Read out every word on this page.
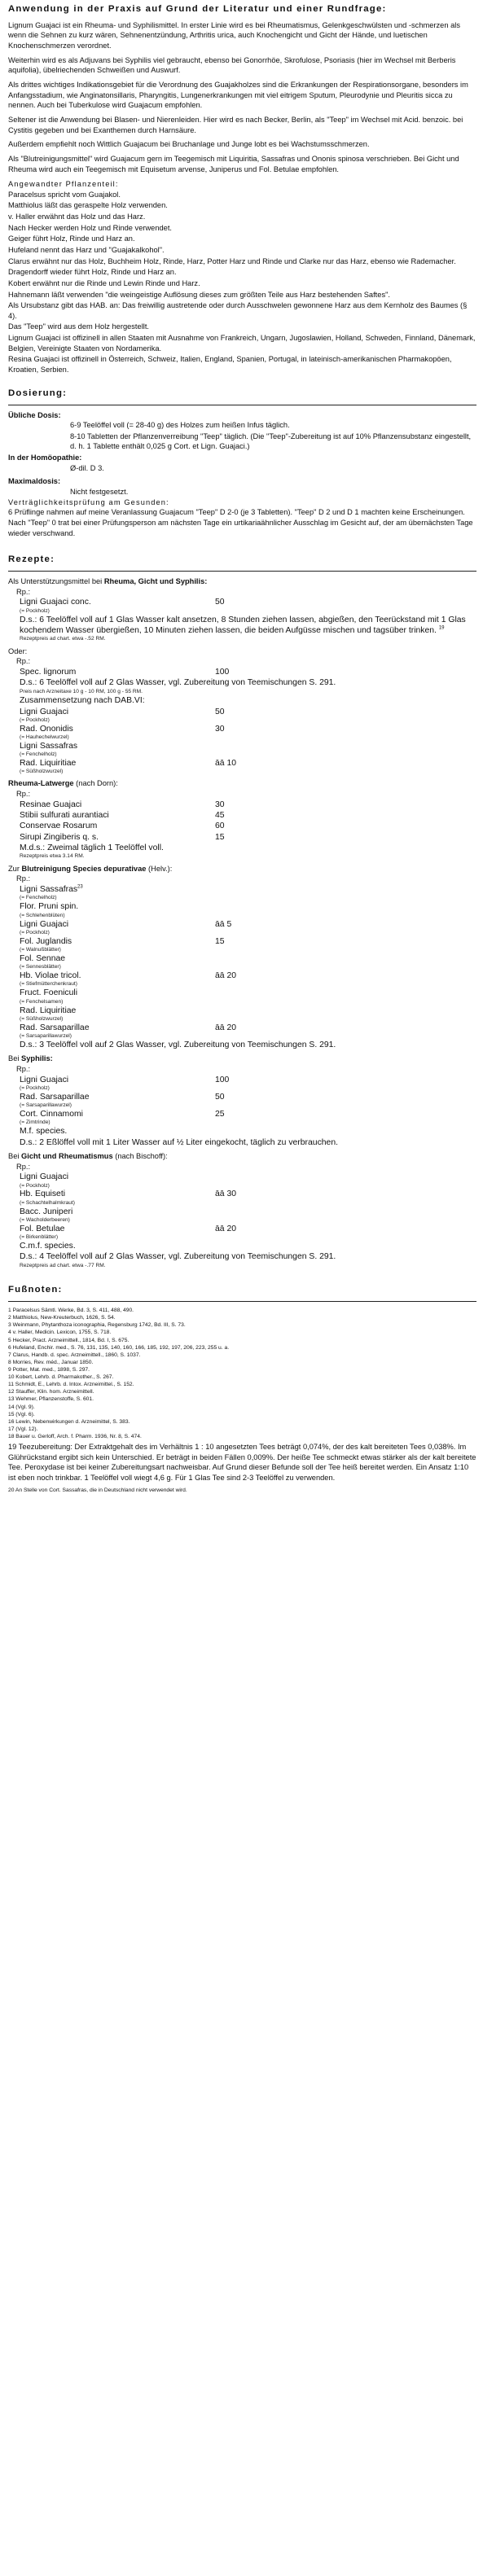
Anwendung in der Praxis auf Grund der Literatur und einer Rundfrage:

Lignum Guajaci ist ein Rheuma- und Syphilismittel. In erster Linie wird es bei Rheumatismus, Gelenkgeschwülsten und -schmerzen als wenn die Sehnen zu kurz wären, Sehnenentzündung, Arthritis urica, auch Knochengicht und Gicht der Hände, und luetischen Knochenschmerzen verordnet.

Weiterhin wird es als Adjuvans bei Syphilis viel gebraucht, ebenso bei Gonorrhöe, Skrofulose, Psoriasis (hier im Wechsel mit Berberis aquifolia), übelriechenden Schweißen und Auswurf.

Als drittes wichtiges Indikationsgebiet für die Verordnung des Guajakholzes sind die Erkrankungen der Respirationsorgane, besonders im Anfangsstadium, wie Anginatonsillaris, Pharyngitis, Lungenerkrankungen mit viel eitrigem Sputum, Pleurodynie und Pleuritis sicca zu nennen. Auch bei Tuberkulose wird Guajacum empfohlen.

Seltener ist die Anwendung bei Blasen- und Nierenleiden. Hier wird es nach Becker, Berlin, als "Teep" im Wechsel mit Acid. benzoic. bei Cystitis gegeben und bei Exanthemen durch Harnsäure.

Außerdem empfiehlt noch Wittlich Guajacum bei Bruchanlage und Junge lobt es bei Wachstumsschmerzen.

Als "Blutreinigungsmittel" wird Guajacum gern im Teegemisch mit Liquiritia, Sassafras und Ononis spinosa verschrieben. Bei Gicht und Rheuma wird auch ein Teegemisch mit Equisetum arvense, Juniperus und Fol. Betulae empfohlen.

Angewandter Pflanzenteil:

Paracelsus spricht vom Guajakol.

Matthiolus läßt das geraspelte Holz verwenden.

v. Haller erwähnt das Holz und das Harz.

Nach Hecker werden Holz und Rinde verwendet.

Geiger führt Holz, Rinde und Harz an.

Hufeland nennt das Harz und "Guajakalkohol".

Clarus erwähnt nur das Holz, Buchheim Holz, Rinde, Harz, Potter Harz und Rinde und Clarke nur das Harz, ebenso wie Rademacher.

Dragendorff wieder führt Holz, Rinde und Harz an.

Kobert erwähnt nur die Rinde und Lewin Rinde und Harz.

Hahnemann läßt verwenden "die weingeistige Auflösung dieses zum größten Teile aus Harz bestehenden Saftes".

Als Ursubstanz gibt das HAB. an: Das freiwillig austretende oder durch Ausschwelen gewonnene Harz aus dem Kernholz des Baumes (§ 4).

Das "Teep" wird aus dem Holz hergestellt.

Lignum Guajaci ist offizinell in allen Staaten mit Ausnahme von Frankreich, Ungarn, Jugoslawien, Holland, Schweden, Finnland, Dänemark, Belgien, Vereinigte Staaten von Nordamerika.

Resina Guajaci ist offizinell in Österreich, Schweiz, Italien, England, Spanien, Portugal, in lateinisch-amerikanischen Pharmakopöen, Kroatien, Serbien.

Dosierung:
Übliche Dosis:

6-9 Teelöffel voll (= 28-40 g) des Holzes zum heißen Infus täglich.

8-10 Tabletten der Pflanzenverreibung "Teep" täglich. (Die "Teep"-Zubereitung ist auf 10% Pflanzensubstanz eingestellt, d. h. 1 Tablette enthält 0,025 g Cort. et Lign. Guajaci.)

In der Homöopathie:
Ø-dil. D 3.
Maximaldosis:
Nicht festgesetzt.
Verträglichkeitsprüfung am Gesunden:

6 Prüflinge nahmen auf meine Veranlassung Guajacum "Teep" D 2-0 (je 3 Tabletten). "Teep" D 2 und D 1 machten keine Erscheinungen. Nach "Teep" 0 trat bei einer Prüfungsperson am nächsten Tage ein urtikariaähnlicher Ausschlag im Gesicht auf, der am übernächsten Tage wieder verschwand.

Rezepte:
Als Unterstützungsmittel bei Rheuma, Gicht und Syphilis:
Rp.:
Ligni Guajaci conc.	50
(= Pockholz)
D.s.: 6 Teelöffel voll auf 1 Glas Wasser kalt ansetzen, 8 Stunden ziehen lassen, abgießen, den Teerückstand mit 1 Glas kochendem Wasser übergießen, 10 Minuten ziehen lassen, die beiden Aufgüsse mischen und tagsüber trinken. $^{19}$
Rezeptpreis ad chart. etwa -.52 RM.
Oder:
Rp.:
Spec. lignorum	100
D.s.: 6 Teelöffel voll auf 2 Glas Wasser, vgl. Zubereitung von Teemischungen S. 291.
Preis nach Arzneitaxe 10 g - 10 RM, 100 g - 55 RM.
Zusammensetzung nach DAB.VI:
Ligni Guajaci	50
(= Pockholz)
Rad. Ononidis	30
(= Hauhechelwurzel)
Ligni Sassafras
(= Fenchelholz)
Rad. Liquiritiae	āā 10
(= Süßholzwurzel)
Rheuma-Latwerge (nach Dorn):
Rp.:
Resinae Guajaci	30
Stibii sulfurati aurantiaci	45
Conservae Rosarum	60
Sirupi Zingiberis q. s.	15
M.d.s.: Zweimal täglich 1 Teelöffel voll.
Rezeptpreis etwa 3.14 RM.
Zur Blutreinigung Species depurativae (Helv.):
Rp.:
Ligni Sassafras$^{23}$
(= Fenchelholz)
Flor. Pruni spin.
(= Schlehenblüten)
Ligni Guajaci	āā 5
(= Pockholz)
Fol. Juglandis	15
(= Walnußblätter)
Fol. Sennae
(= Sennesblätter)
Hb. Violae tricol.	āā 20
(= Stiefmütterchenkraut)
Fruct. Foeniculi
(= Fenchelsamen)
Rad. Liquiritiae
(= Süßholzwurzel)
Rad. Sarsaparillae	āā 20
(= Sarsaparillawurzel)
D.s.: 3 Teelöffel voll auf 2 Glas Wasser, vgl. Zubereitung von Teemischungen S. 291.
Bei Syphilis:
Rp.:
Ligni Guajaci	100
(= Pockholz)
Rad. Sarsaparillae	50
(= Sarsaparillawurzel)
Cort. Cinnamomi	25
(= Zimtrinde)
M.f. species.
D.s.: 2 Eßlöffel voll mit 1 Liter Wasser auf ½ Liter eingekocht, täglich zu verbrauchen.
Bei Gicht und Rheumatismus (nach Bischoff):
Rp.:
Ligni Guajaci
(= Pockholz)
Hb. Equiseti	āā 30
(= Schachtelhalmkraut)
Bacc. Juniperi
(= Wacholderbeeren)
Fol. Betulae	āā 20
(= Birkenblätter)
C.m.f. species.
D.s.: 4 Teelöffel voll auf 2 Glas Wasser, vgl. Zubereitung von Teemischungen S. 291.
Rezeptpreis ad chart. etwa -.77 RM.
Fußnoten:

1 Paracelsus Sämtl. Werke, Bd. 3, S. 411, 488, 490.

2 Matthiolus, New-Kreuterbuch, 1626, S. 54.

3 Weinmann, Phytanthoza iconographia, Regensburg 1742, Bd. III, S. 73.

4 v. Haller, Medicin. Lexicon, 1755, S. 718.

5 Hecker, Pract. Arzneimittell., 1814, Bd. I, S. 675.

6 Hufeland, Enchir. med., S. 76, 131, 135, 140, 160, 166, 185, 192, 197, 206, 223, 255 u. a.

7 Clarus, Handb. d. spec. Arzneimittell., 1860, S. 1037.

8 Morries, Rev. méd., Januar 1850.

9 Potter, Mat. med., 1898, S. 297.

10 Kobert, Lehrb. d. Pharmakother., S. 267.

11 Schmidt, E., Lehrb. d. Intox. Arzneimittel., S. 152.

12 Stauffer, Klin. hom. Arzneimittell.

13 Wehmer, Pflanzenstoffe, S. 601.

14 (Vgl. 9).

15 (Vgl. 6).

16 Lewin, Nebenwirkungen d. Arzneimittel, S. 383.

17 (Vgl. 12).

18 Bauer u. Gerloff, Arch. f. Pharm. 1936, Nr. 8, S. 474.

19 Teezubereitung: Der Extraktgehalt des im Verhältnis 1 : 10 angesetzten Tees beträgt 0,074%, der des kalt bereiteten Tees 0,038%. Im Glührückstand ergibt sich kein Unterschied. Er beträgt in beiden Fällen 0,009%. Der heiße Tee schmeckt etwas stärker als der kalt bereitete Tee. Peroxydase ist bei keiner Zubereitungsart nachweisbar. Auf Grund dieser Befunde soll der Tee heiß bereitet werden. Ein Ansatz 1:10 ist eben noch trinkbar. 1 Teelöffel voll wiegt 4,6 g. Für 1 Glas Tee sind 2-3 Teelöffel zu verwenden.

20 An Stelle von Cort. Sassafras, die in Deutschland nicht verwendet wird.
